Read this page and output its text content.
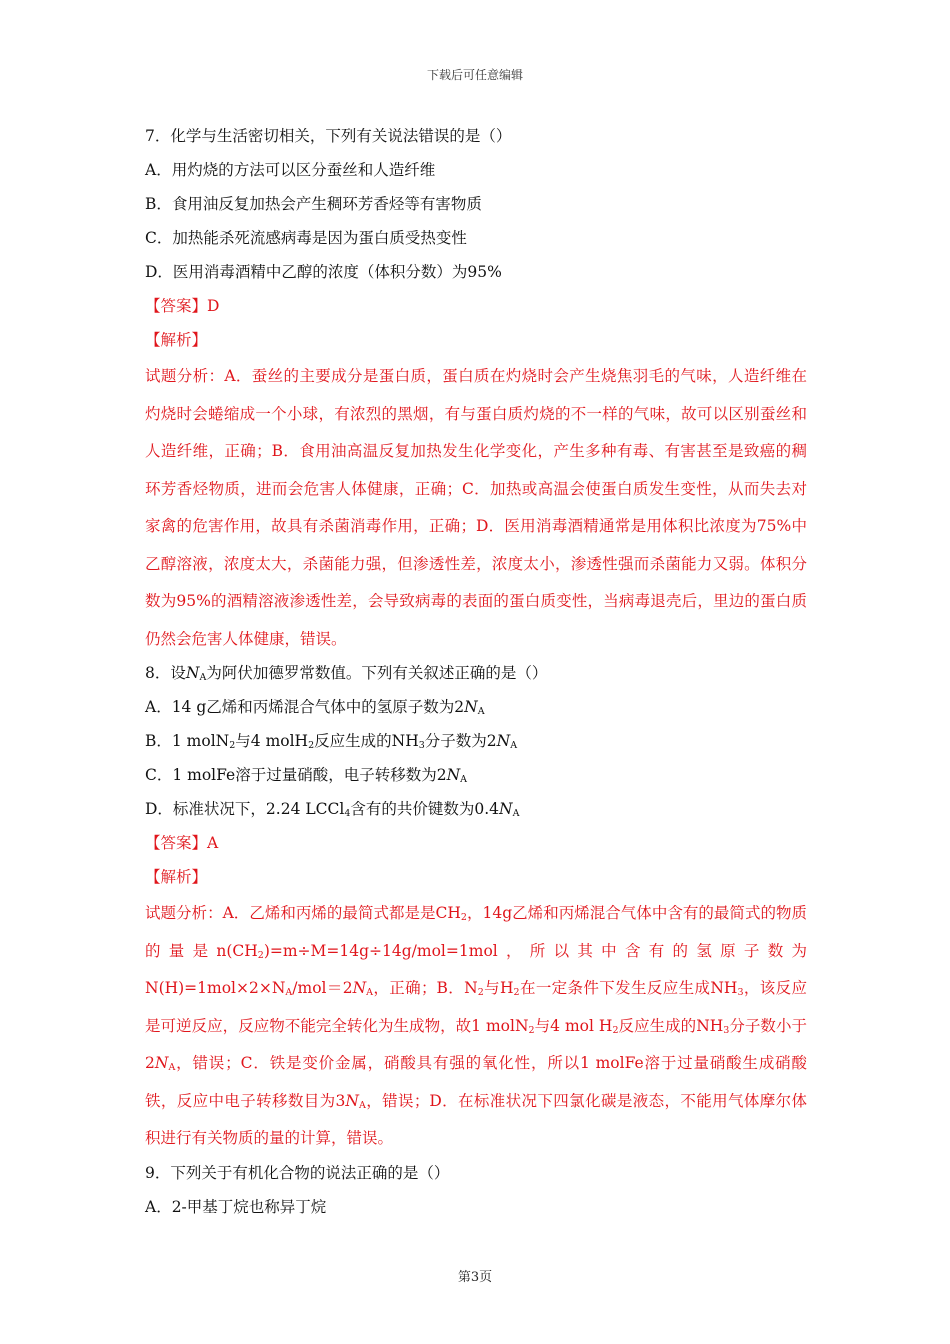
下载后可任意编辑
7．化学与生活密切相关，下列有关说法错误的是（）
A．用灼烧的方法可以区分蚕丝和人造纤维
B．食用油反复加热会产生稠环芳香烃等有害物质
C．加热能杀死流感病毒是因为蛋白质受热变性
D．医用消毒酒精中乙醇的浓度（体积分数）为95%
【答案】D
【解析】
试题分析：A．蚕丝的主要成分是蛋白质，蛋白质在灼烧时会产生烧焦羽毛的气味，人造纤维在灼烧时会蜷缩成一个小球，有浓烈的黑烟，有与蛋白质灼烧的不一样的气味，故可以区别蚕丝和人造纤维，正确；B．食用油高温反复加热发生化学变化，产生多种有毒、有害甚至是致癌的稠环芳香烃物质，进而会危害人体健康，正确；C．加热或高温会使蛋白质发生变性，从而失去对家禽的危害作用，故具有杀菌消毒作用，正确；D．医用消毒酒精通常是用体积比浓度为75%中乙醇溶液，浓度太大，杀菌能力强，但渗透性差，浓度太小，渗透性强而杀菌能力又弱。体积分数为95%的酒精溶液渗透性差，会导致病毒的表面的蛋白质变性，当病毒退壳后，里边的蛋白质仍然会危害人体健康，错误。
8．设$N_A$为阿伏加德罗常数值。下列有关叙述正确的是（）
A．14 g乙烯和丙烯混合气体中的氢原子数为$2N_A$
B．1 molN$_2$与4 molH$_2$反应生成的$NH_3$分子数为$2N_A$
C．1 molFe溶于过量硝酸，电子转移数为$2N_A$
D．标准状况下，2.24 LCCl$_4$含有的共价键数为$0.4N_A$
【答案】A
【解析】
试题分析：A．乙烯和丙烯的最简式都是是$CH_2$，14g乙烯和丙烯混合气体中含有的最简式的物质的量是$n(CH_2)=m\div M=14g\div 14g/mol=1mol$，所以其中含有的氢原子数为$N(H)=1mol\times 2\times N_A/mol=2N_A$，正确；B．$N_2$与$H_2$在一定条件下发生反应生成$NH_3$，该反应是可逆反应，反应物不能完全转化为生成物，故1 molN$_2$与4 mol $H_2$反应生成的$NH_3$分子数小于$2N_A$，错误；C．铁是变价金属，硝酸具有强的氧化性，所以1 molFe溶于过量硝酸生成硝酸铁，反应中电子转移数目为$3N_A$，错误；D．在标准状况下四氯化碳是液态，不能用气体摩尔体积进行有关物质的量的计算，错误。
9．下列关于有机化合物的说法正确的是（）
A．2-甲基丁烷也称异丁烷
第3页
